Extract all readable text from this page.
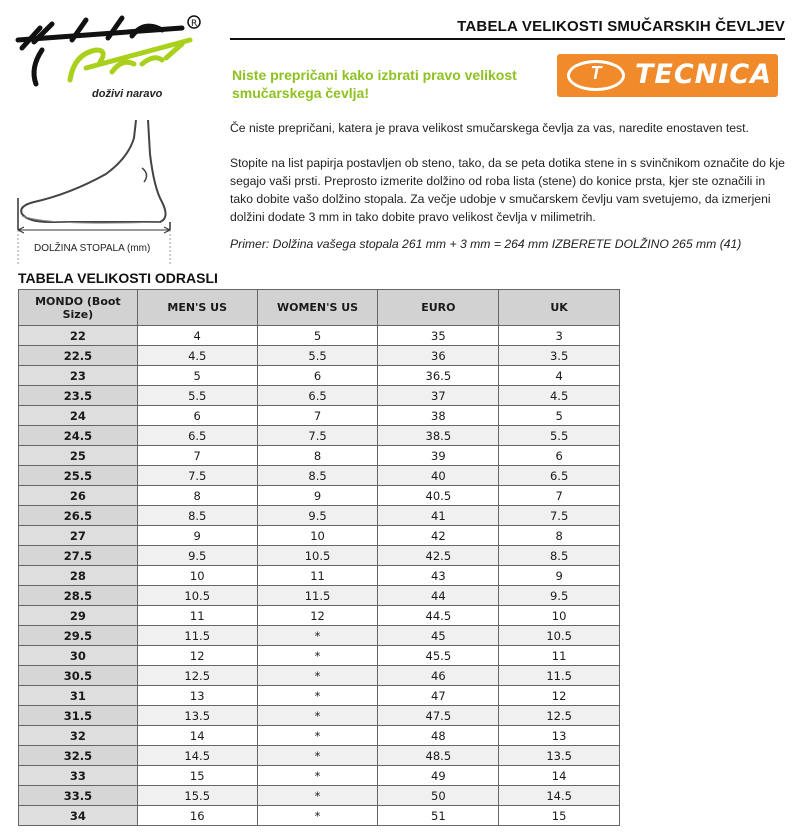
R
doživi naravo
TABELA VELIKOSTI SMUČARSKIH ČEVLJEV
Niste prepričani kako izbrati pravo velikost smučarskega čevlja!
T TECNICA
Če niste prepričani, katera je prava velikost smučarskega čevlja za vas, naredite enostaven test.
Stopite na list papirja postavljen ob steno, tako, da se peta dotika stene in s svinčnikom označite do kje segajo vaši prsti. Preprosto izmerite dolžino od roba lista (stene) do konice prsta, kjer ste označili in tako dobite vašo dolžino stopala. Za večje udobje v smučarskem čevlju vam svetujemo, da izmerjeni dolžini dodate 3 mm in tako dobite pravo velikost čevlja v milimetrih.
Primer: Dolžina vašega stopala 261 mm + 3 mm = 264 mm IZBERETE DOLŽINO 265 mm (41)
DOLŽINA STOPALA (mm)
TABELA VELIKOSTI ODRASLI
MONDO (Boot Size)	MEN'S US	WOMEN'S US	EURO	UK
22	4	5	35	3
22.5	4.5	5.5	36	3.5
23	5	6	36.5	4
23.5	5.5	6.5	37	4.5
24	6	7	38	5
24.5	6.5	7.5	38.5	5.5
25	7	8	39	6
25.5	7.5	8.5	40	6.5
26	8	9	40.5	7
26.5	8.5	9.5	41	7.5
27	9	10	42	8
27.5	9.5	10.5	42.5	8.5
28	10	11	43	9
28.5	10.5	11.5	44	9.5
29	11	12	44.5	10
29.5	11.5	*	45	10.5
30	12	*	45.5	11
30.5	12.5	*	46	11.5
31	13	*	47	12
31.5	13.5	*	47.5	12.5
32	14	*	48	13
32.5	14.5	*	48.5	13.5
33	15	*	49	14
33.5	15.5	*	50	14.5
34	16	*	51	15
